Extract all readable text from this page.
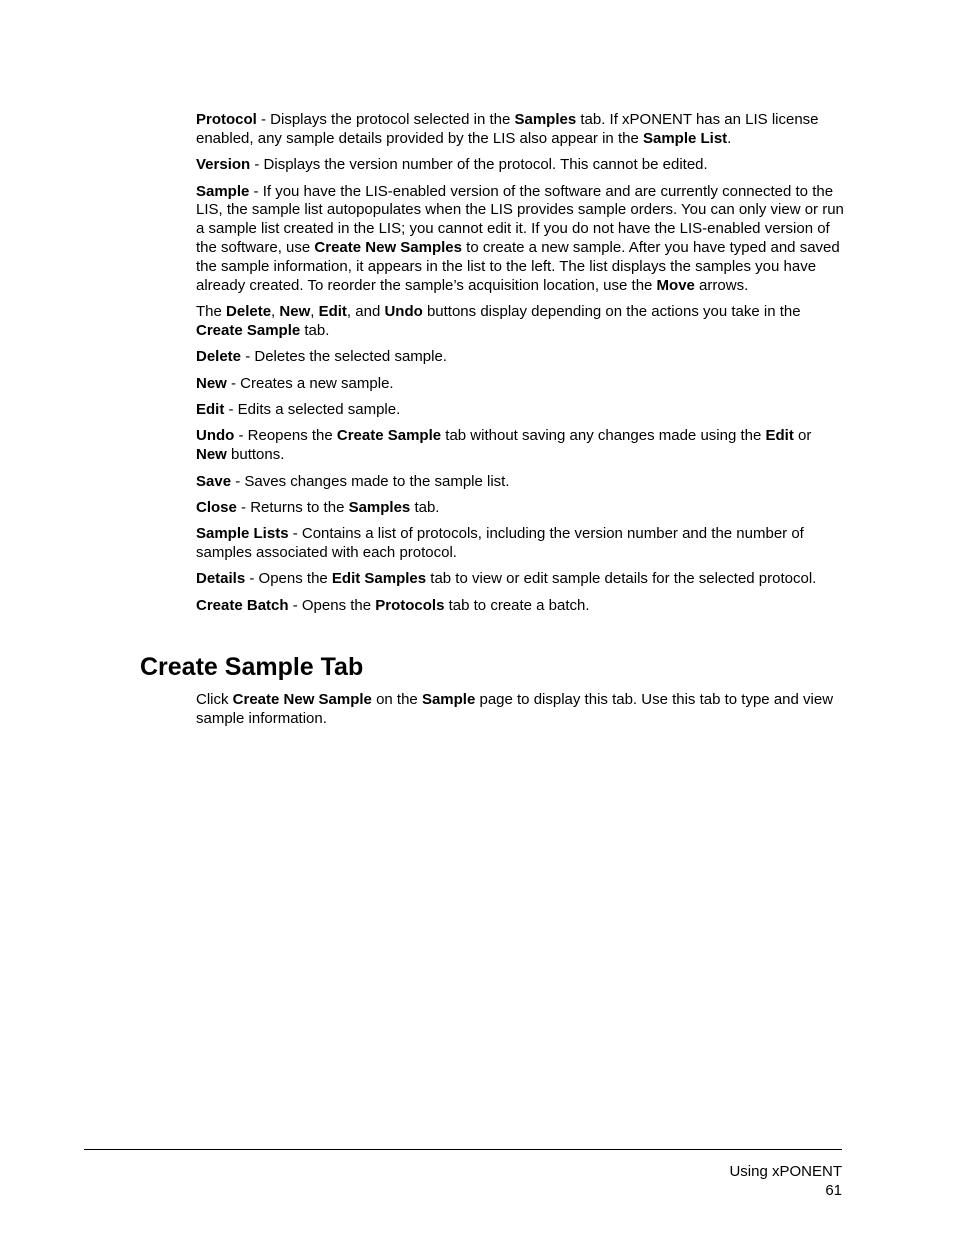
Protocol - Displays the protocol selected in the Samples tab. If xPONENT has an LIS license enabled, any sample details provided by the LIS also appear in the Sample List.

Version - Displays the version number of the protocol. This cannot be edited.

Sample - If you have the LIS-enabled version of the software and are currently connected to the LIS, the sample list autopopulates when the LIS provides sample orders. You can only view or run a sample list created in the LIS; you cannot edit it. If you do not have the LIS-enabled version of the software, use Create New Samples to create a new sample. After you have typed and saved the sample information, it appears in the list to the left. The list displays the samples you have already created. To reorder the sample’s acquisition location, use the Move arrows.

The Delete, New, Edit, and Undo buttons display depending on the actions you take in the Create Sample tab.

Delete - Deletes the selected sample.

New - Creates a new sample.

Edit - Edits a selected sample.

Undo - Reopens the Create Sample tab without saving any changes made using the Edit or New buttons.

Save - Saves changes made to the sample list.

Close - Returns to the Samples tab.

Sample Lists - Contains a list of protocols, including the version number and the number of samples associated with each protocol.

Details - Opens the Edit Samples tab to view or edit sample details for the selected protocol.

Create Batch - Opens the Protocols tab to create a batch.

Create Sample Tab

Click Create New Sample on the Sample page to display this tab. Use this tab to type and view sample information.

Using xPONENT
61
